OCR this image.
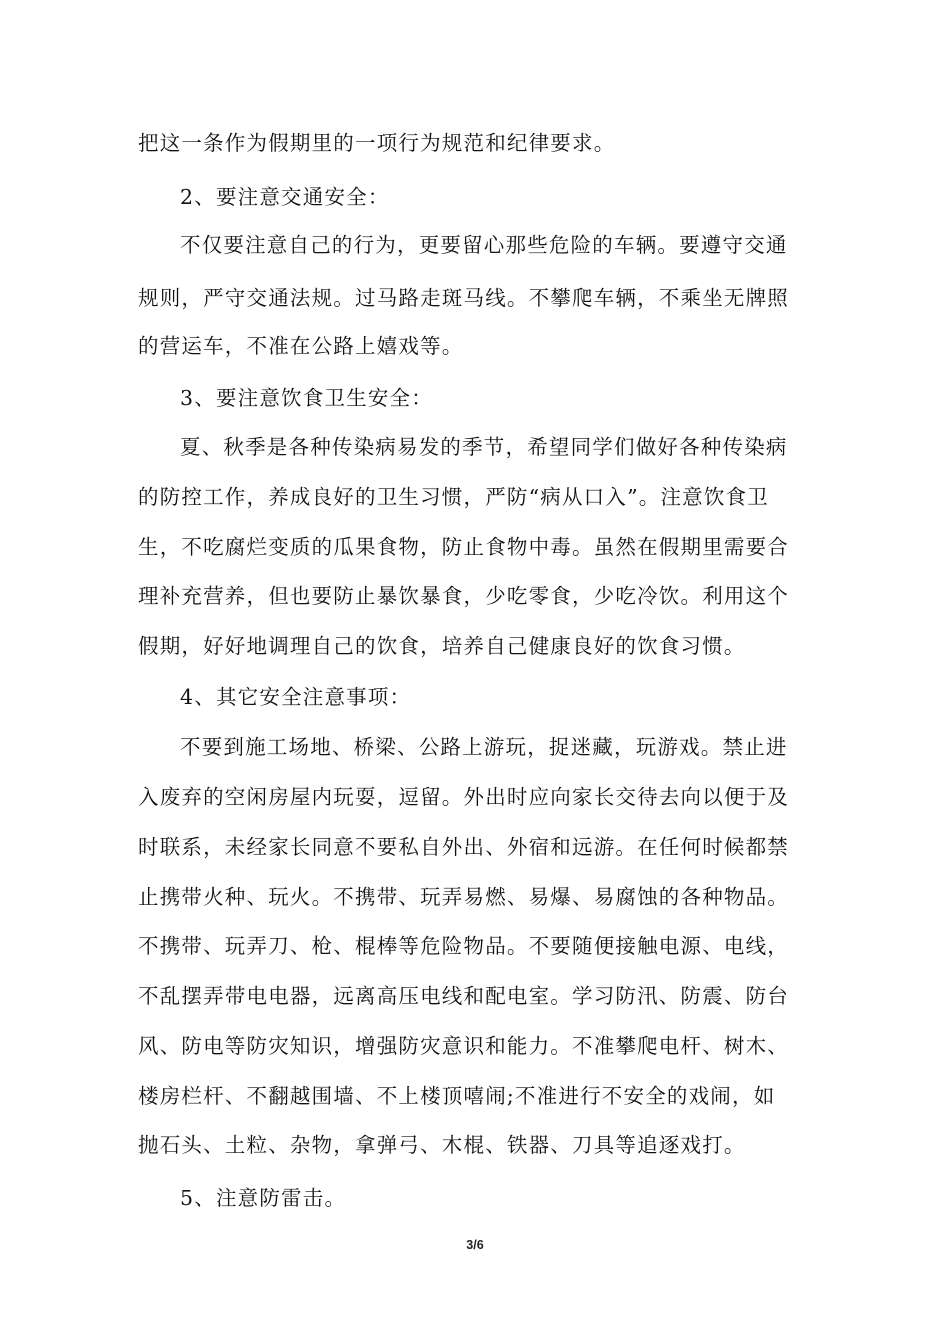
把这一条作为假期里的一项行为规范和纪律要求。
2、要注意交通安全：
不仅要注意自己的行为，更要留心那些危险的车辆。要遵守交通
规则，严守交通法规。过马路走斑马线。不攀爬车辆，不乘坐无牌照
的营运车，不准在公路上嬉戏等。
3、要注意饮食卫生安全：
夏、秋季是各种传染病易发的季节，希望同学们做好各种传染病
的防控工作，养成良好的卫生习惯，严防“病从口入”。注意饮食卫
生，不吃腐烂变质的瓜果食物，防止食物中毒。虽然在假期里需要合
理补充营养，但也要防止暴饮暴食，少吃零食，少吃冷饮。利用这个
假期，好好地调理自己的饮食，培养自己健康良好的饮食习惯。
4、其它安全注意事项：
不要到施工场地、桥梁、公路上游玩，捉迷藏，玩游戏。禁止进
入废弃的空闲房屋内玩耍，逗留。外出时应向家长交待去向以便于及
时联系，未经家长同意不要私自外出、外宿和远游。在任何时候都禁
止携带火种、玩火。不携带、玩弄易燃、易爆、易腐蚀的各种物品。
不携带、玩弄刀、枪、棍棒等危险物品。不要随便接触电源、电线，
不乱摆弄带电电器，远离高压电线和配电室。学习防汛、防震、防台
风、防电等防灾知识，增强防灾意识和能力。不准攀爬电杆、树木、
楼房栏杆、不翻越围墙、不上楼顶嘻闹;不准进行不安全的戏闹，如
抛石头、土粒、杂物，拿弹弓、木棍、铁器、刀具等追逐戏打。
5、注意防雷击。
3/6
